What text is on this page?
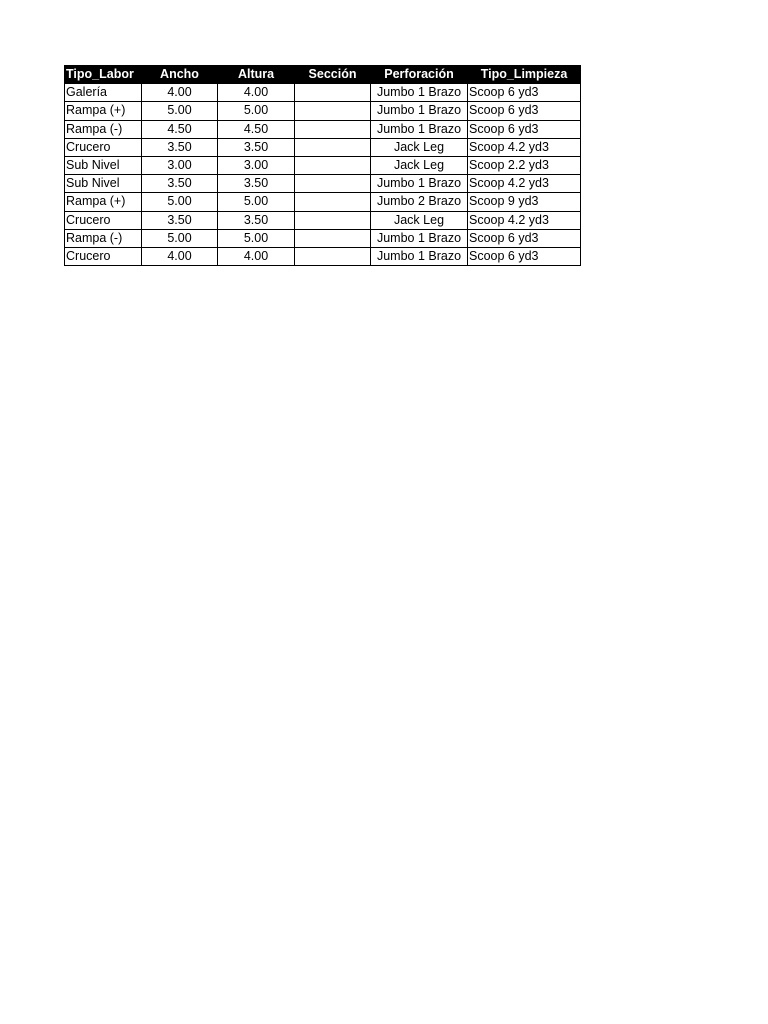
Tipo_Labor	Ancho	Altura	Sección	Perforación	Tipo_Limpieza
Galería	4.00	4.00		Jumbo 1 Brazo	Scoop 6 yd3
Rampa (+)	5.00	5.00		Jumbo 1 Brazo	Scoop 6 yd3
Rampa (-)	4.50	4.50		Jumbo 1 Brazo	Scoop 6 yd3
Crucero	3.50	3.50		Jack Leg	Scoop 4.2 yd3
Sub Nivel	3.00	3.00		Jack Leg	Scoop 2.2 yd3
Sub Nivel	3.50	3.50		Jumbo 1 Brazo	Scoop 4.2 yd3
Rampa (+)	5.00	5.00		Jumbo 2 Brazo	Scoop 9 yd3
Crucero	3.50	3.50		Jack Leg	Scoop 4.2 yd3
Rampa (-)	5.00	5.00		Jumbo 1 Brazo	Scoop 6 yd3
Crucero	4.00	4.00		Jumbo 1 Brazo	Scoop 6 yd3
